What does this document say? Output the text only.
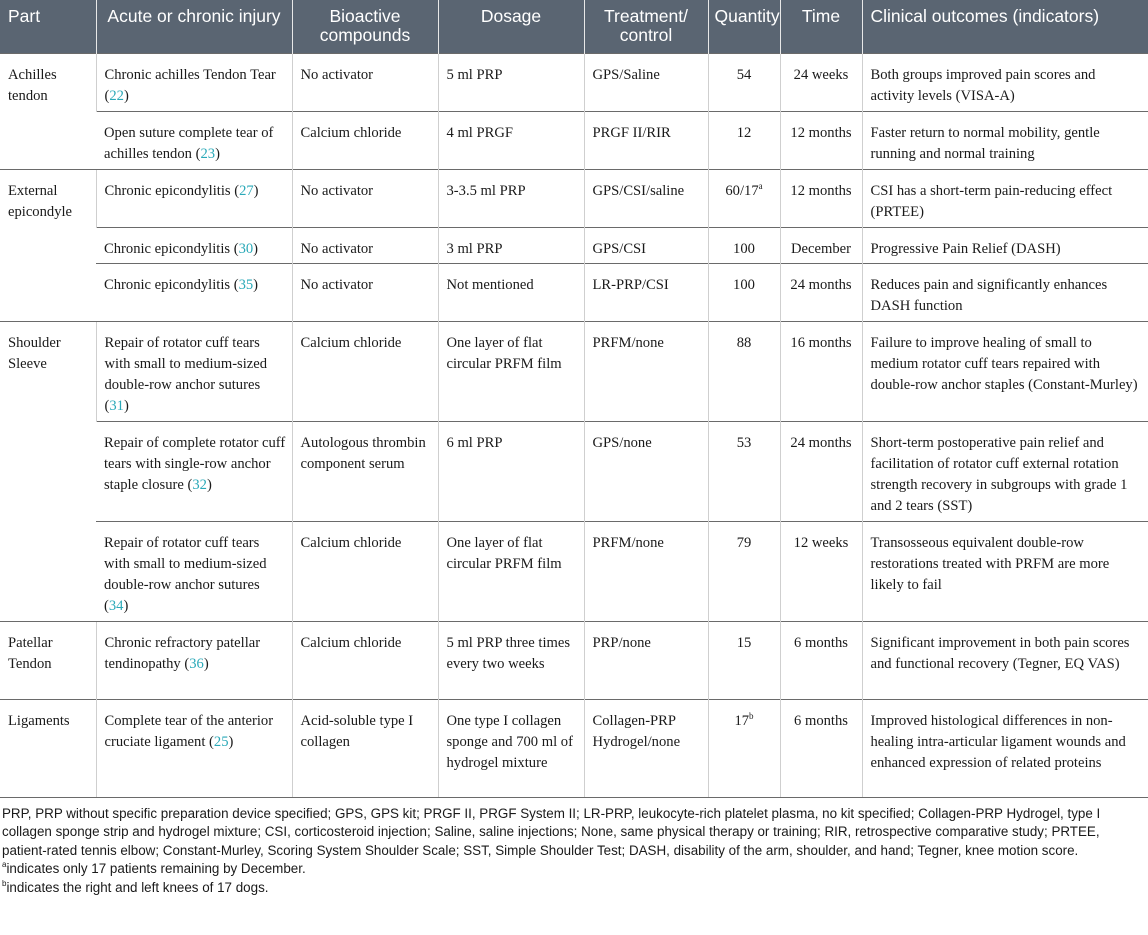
Part	Acute or chronic injury	Bioactive compounds	Dosage	Treatment/ control	Quantity	Time	Clinical outcomes (indicators)
Achilles tendon	Chronic achilles Tendon Tear (22)	No activator	5 ml PRP	GPS/Saline	54	24 weeks	Both groups improved pain scores and activity levels (VISA-A)
	Open suture complete tear of achilles tendon (23)	Calcium chloride	4 ml PRGF	PRGF II/RIR	12	12 months	Faster return to normal mobility, gentle running and normal training
External epicondyle	Chronic epicondylitis (27)	No activator	3-3.5 ml PRP	GPS/CSI/saline	60/17$^a$	12 months	CSI has a short-term pain-reducing effect (PRTEE)
	Chronic epicondylitis (30)	No activator	3 ml PRP	GPS/CSI	100	December	Progressive Pain Relief (DASH)
	Chronic epicondylitis (35)	No activator	Not mentioned	LR-PRP/CSI	100	24 months	Reduces pain and significantly enhances DASH function
Shoulder Sleeve	Repair of rotator cuff tears with small to medium-sized double-row anchor sutures (31)	Calcium chloride	One layer of flat circular PRFM film	PRFM/none	88	16 months	Failure to improve healing of small to medium rotator cuff tears repaired with double-row anchor staples (Constant-Murley)
	Repair of complete rotator cuff tears with single-row anchor staple closure (32)	Autologous thrombin component serum	6 ml PRP	GPS/none	53	24 months	Short-term postoperative pain relief and facilitation of rotator cuff external rotation strength recovery in subgroups with grade 1 and 2 tears (SST)
	Repair of rotator cuff tears with small to medium-sized double-row anchor sutures (34)	Calcium chloride	One layer of flat circular PRFM film	PRFM/none	79	12 weeks	Transosseous equivalent double-row restorations treated with PRFM are more likely to fail
Patellar Tendon	Chronic refractory patellar tendinopathy (36)	Calcium chloride	5 ml PRP three times every two weeks	PRP/none	15	6 months	Significant improvement in both pain scores and functional recovery (Tegner, EQ VAS)
Ligaments	Complete tear of the anterior cruciate ligament (25)	Acid-soluble type I collagen	One type I collagen sponge and 700 ml of hydrogel mixture	Collagen-PRP Hydrogel/none	17$^b$	6 months	Improved histological differences in non-healing intra-articular ligament wounds and enhanced expression of related proteins

PRP, PRP without specific preparation device specified; GPS, GPS kit; PRGF II, PRGF System II; LR-PRP, leukocyte-rich platelet plasma, no kit specified; Collagen-PRP Hydrogel, type I collagen sponge strip and hydrogel mixture; CSI, corticosteroid injection; Saline, saline injections; None, same physical therapy or training; RIR, retrospective comparative study; PRTEE, patient-rated tennis elbow; Constant-Murley, Scoring System Shoulder Scale; SST, Simple Shoulder Test; DASH, disability of the arm, shoulder, and hand; Tegner, knee motion score.

$^a$indicates only 17 patients remaining by December.

$^b$indicates the right and left knees of 17 dogs.
